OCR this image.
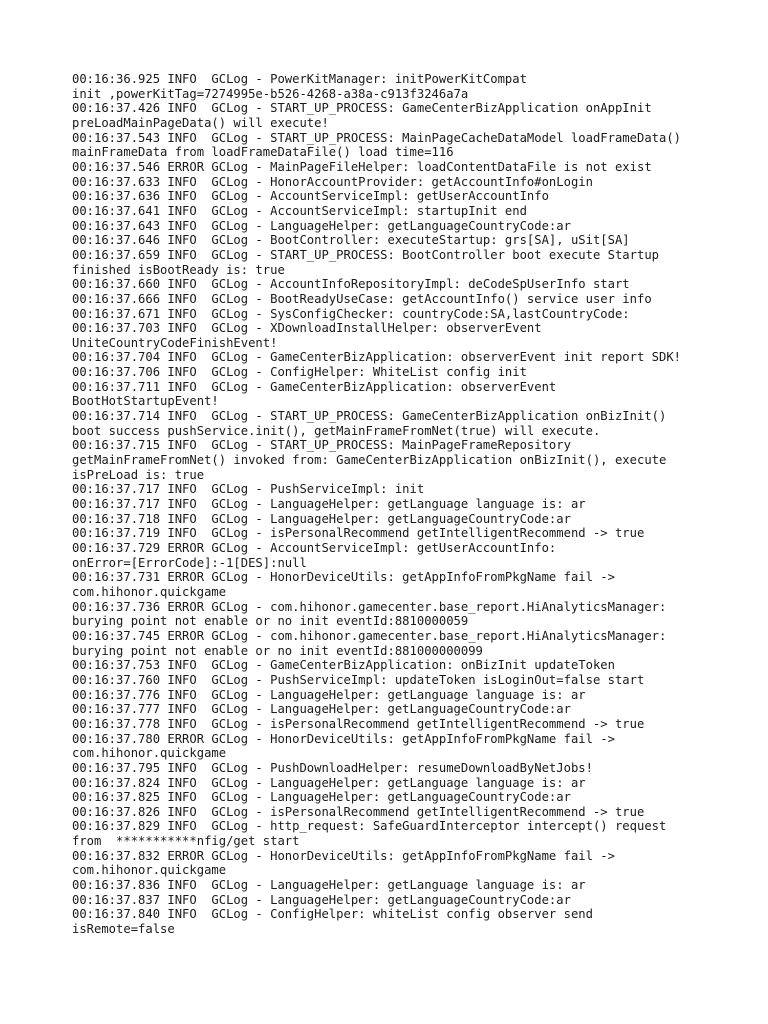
00:16:36.925 INFO  GCLog - PowerKitManager: initPowerKitCompat
init ,powerKitTag=7274995e-b526-4268-a38a-c913f3246a7a
00:16:37.426 INFO  GCLog - START_UP_PROCESS: GameCenterBizApplication onAppInit
preLoadMainPageData() will execute!
00:16:37.543 INFO  GCLog - START_UP_PROCESS: MainPageCacheDataModel loadFrameData()
mainFrameData from loadFrameDataFile() load time=116
00:16:37.546 ERROR GCLog - MainPageFileHelper: loadContentDataFile is not exist
00:16:37.633 INFO  GCLog - HonorAccountProvider: getAccountInfo#onLogin
00:16:37.636 INFO  GCLog - AccountServiceImpl: getUserAccountInfo
00:16:37.641 INFO  GCLog - AccountServiceImpl: startupInit end
00:16:37.643 INFO  GCLog - LanguageHelper: getLanguageCountryCode:ar
00:16:37.646 INFO  GCLog - BootController: executeStartup: grs[SA], uSit[SA]
00:16:37.659 INFO  GCLog - START_UP_PROCESS: BootController boot execute Startup
finished isBootReady is: true
00:16:37.660 INFO  GCLog - AccountInfoRepositoryImpl: deCodeSpUserInfo start
00:16:37.666 INFO  GCLog - BootReadyUseCase: getAccountInfo() service user info
00:16:37.671 INFO  GCLog - SysConfigChecker: countryCode:SA,lastCountryCode:
00:16:37.703 INFO  GCLog - XDownloadInstallHelper: observerEvent
UniteCountryCodeFinishEvent!
00:16:37.704 INFO  GCLog - GameCenterBizApplication: observerEvent init report SDK!
00:16:37.706 INFO  GCLog - ConfigHelper: WhiteList config init
00:16:37.711 INFO  GCLog - GameCenterBizApplication: observerEvent
BootHotStartupEvent!
00:16:37.714 INFO  GCLog - START_UP_PROCESS: GameCenterBizApplication onBizInit()
boot success pushService.init(), getMainFrameFromNet(true) will execute.
00:16:37.715 INFO  GCLog - START_UP_PROCESS: MainPageFrameRepository
getMainFrameFromNet() invoked from: GameCenterBizApplication onBizInit(), execute
isPreLoad is: true
00:16:37.717 INFO  GCLog - PushServiceImpl: init
00:16:37.717 INFO  GCLog - LanguageHelper: getLanguage language is: ar
00:16:37.718 INFO  GCLog - LanguageHelper: getLanguageCountryCode:ar
00:16:37.719 INFO  GCLog - isPersonalRecommend getIntelligentRecommend -> true
00:16:37.729 ERROR GCLog - AccountServiceImpl: getUserAccountInfo:
onError=[ErrorCode]:-1[DES]:null
00:16:37.731 ERROR GCLog - HonorDeviceUtils: getAppInfoFromPkgName fail ->
com.hihonor.quickgame
00:16:37.736 ERROR GCLog - com.hihonor.gamecenter.base_report.HiAnalyticsManager:
burying point not enable or no init eventId:8810000059
00:16:37.745 ERROR GCLog - com.hihonor.gamecenter.base_report.HiAnalyticsManager:
burying point not enable or no init eventId:881000000099
00:16:37.753 INFO  GCLog - GameCenterBizApplication: onBizInit updateToken
00:16:37.760 INFO  GCLog - PushServiceImpl: updateToken isLoginOut=false start
00:16:37.776 INFO  GCLog - LanguageHelper: getLanguage language is: ar
00:16:37.777 INFO  GCLog - LanguageHelper: getLanguageCountryCode:ar
00:16:37.778 INFO  GCLog - isPersonalRecommend getIntelligentRecommend -> true
00:16:37.780 ERROR GCLog - HonorDeviceUtils: getAppInfoFromPkgName fail ->
com.hihonor.quickgame
00:16:37.795 INFO  GCLog - PushDownloadHelper: resumeDownloadByNetJobs!
00:16:37.824 INFO  GCLog - LanguageHelper: getLanguage language is: ar
00:16:37.825 INFO  GCLog - LanguageHelper: getLanguageCountryCode:ar
00:16:37.826 INFO  GCLog - isPersonalRecommend getIntelligentRecommend -> true
00:16:37.829 INFO  GCLog - http_request: SafeGuardInterceptor intercept() request
from  ***********nfig/get start
00:16:37.832 ERROR GCLog - HonorDeviceUtils: getAppInfoFromPkgName fail ->
com.hihonor.quickgame
00:16:37.836 INFO  GCLog - LanguageHelper: getLanguage language is: ar
00:16:37.837 INFO  GCLog - LanguageHelper: getLanguageCountryCode:ar
00:16:37.840 INFO  GCLog - ConfigHelper: whiteList config observer send
isRemote=false
